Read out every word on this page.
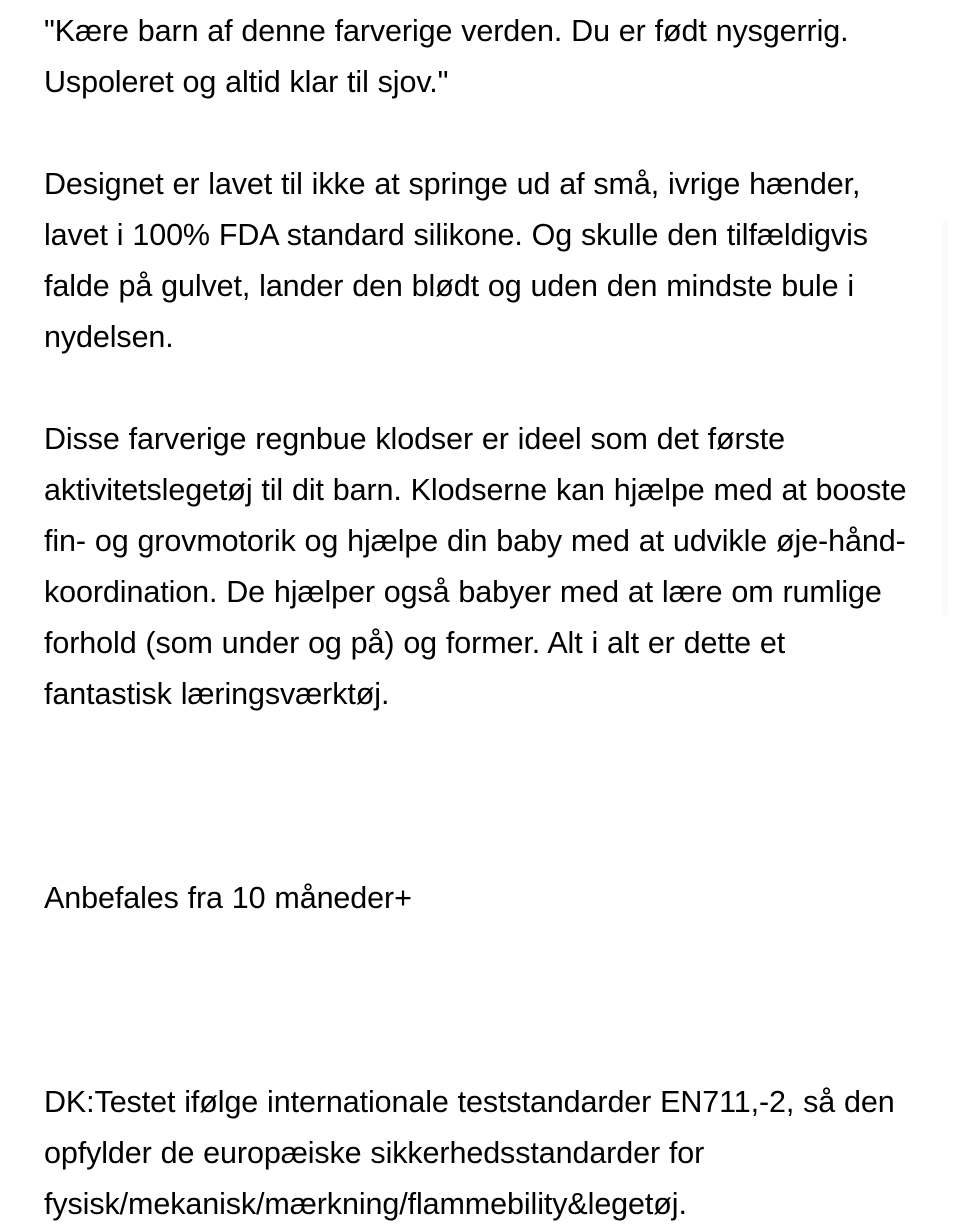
"Kære barn af denne farverige verden. Du er født nysgerrig. Uspoleret og altid klar til sjov."

Designet er lavet til ikke at springe ud af små, ivrige hænder, lavet i 100% FDA standard silikone. Og skulle den tilfældigvis falde på gulvet, lander den blødt og uden den mindste bule i nydelsen.

Disse farverige regnbue klodser er ideel som det første aktivitetslegetøj til dit barn. Klodserne kan hjælpe med at booste fin- og grovmotorik og hjælpe din baby med at udvikle øje-hånd-koordination. De hjælper også babyer med at lære om rumlige forhold (som under og på) og former. Alt i alt er dette et fantastisk læringsværktøj.

Anbefales fra 10 måneder+

DK:Testet ifølge internationale teststandarder EN711,-2, så den opfylder de europæiske sikkerhedsstandarder for fysisk/mekanisk/mærkning/flammebility&legetøj.
